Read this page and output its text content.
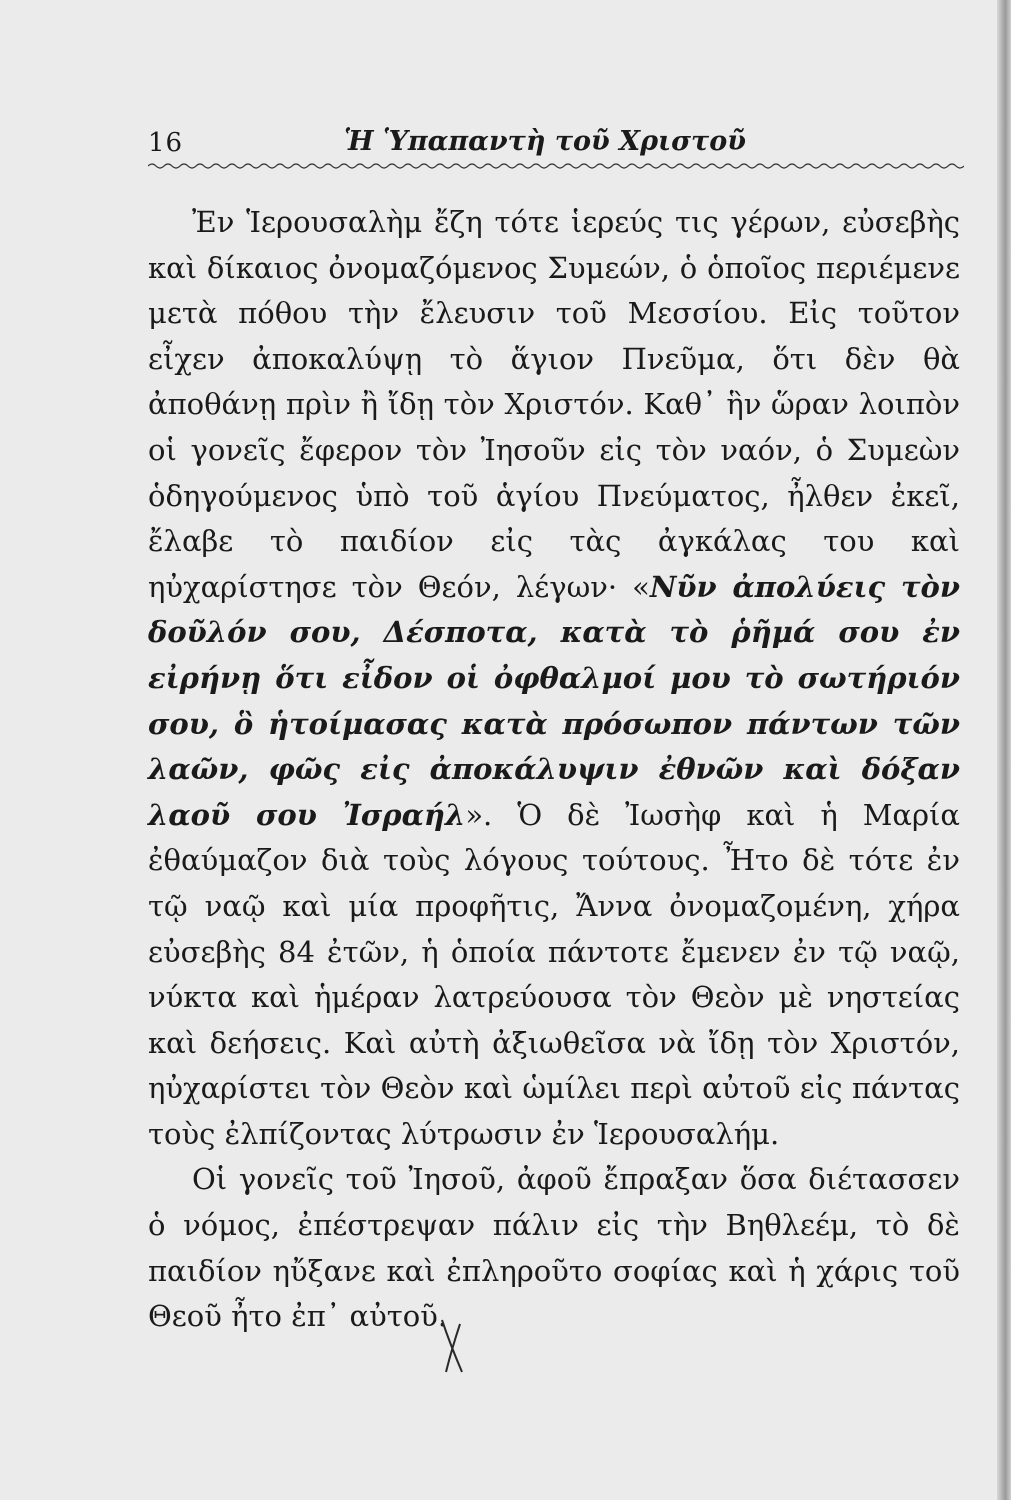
16	Ἡ Ὑπαπαντὴ τοῦ Χριστοῦ

Ἐν Ἱερουσαλὴμ ἔζη τότε ἱερεύς τις γέρων, εὐσεβὴς καὶ δίκαιος ὀνομαζόμενος Συμεών, ὁ ὁποῖος περιέμενε μετὰ πόθου τὴν ἔλευσιν τοῦ Μεσσίου. Εἰς τοῦτον εἶχεν ἀποκαλύψῃ τὸ ἅγιον Πνεῦμα, ὅτι δὲν θὰ ἀποθάνῃ πρὶν ἢ ἴδῃ τὸν Χριστόν. Καθ᾽ ἣν ὥραν λοιπὸν οἱ γονεῖς ἔφερον τὸν Ἰησοῦν εἰς τὸν ναόν, ὁ Συμεὼν ὁδηγούμενος ὑπὸ τοῦ ἁγίου Πνεύματος, ἦλθεν ἐκεῖ, ἔλαβε τὸ παιδίον εἰς τὰς ἀγκάλας του καὶ ηὐχαρίστησε τὸν Θεόν, λέγων· «Νῦν ἀπολύεις τὸν δοῦλόν σου, Δέσποτα, κατὰ τὸ ῥῆμά σου ἐν εἰρήνῃ ὅτι εἶδον οἱ ὀφθαλμοί μου τὸ σωτήριόν σου, ὃ ἡτοίμασας κατὰ πρόσωπον πάντων τῶν λαῶν, φῶς εἰς ἀποκάλυψιν ἐθνῶν καὶ δόξαν λαοῦ σου Ἰσραήλ». Ὁ δὲ Ἰωσὴφ καὶ ἡ Μαρία ἐθαύμαζον διὰ τοὺς λόγους τούτους. Ἦτο δὲ τότε ἐν τῷ ναῷ καὶ μία προφῆτις, Ἄννα ὀνομαζομένη, χήρα εὐσεβὴς 84 ἐτῶν, ἡ ὁποία πάντοτε ἔμενεν ἐν τῷ ναῷ, νύκτα καὶ ἡμέραν λατρεύουσα τὸν Θεὸν μὲ νηστείας καὶ δεήσεις. Καὶ αὐτὴ ἀξιωθεῖσα νὰ ἴδῃ τὸν Χριστόν, ηὐχαρίστει τὸν Θεὸν καὶ ὡμίλει περὶ αὐτοῦ εἰς πάντας τοὺς ἐλπίζοντας λύτρωσιν ἐν Ἱερουσαλήμ.

Οἱ γονεῖς τοῦ Ἰησοῦ, ἀφοῦ ἔπραξαν ὅσα διέτασσεν ὁ νόμος, ἐπέστρεψαν πάλιν εἰς τὴν Βηθλεέμ, τὸ δὲ παιδίον ηὔξανε καὶ ἐπληροῦτο σοφίας καὶ ἡ χάρις τοῦ Θεοῦ ἦτο ἐπ᾽ αὐτοῦ.
